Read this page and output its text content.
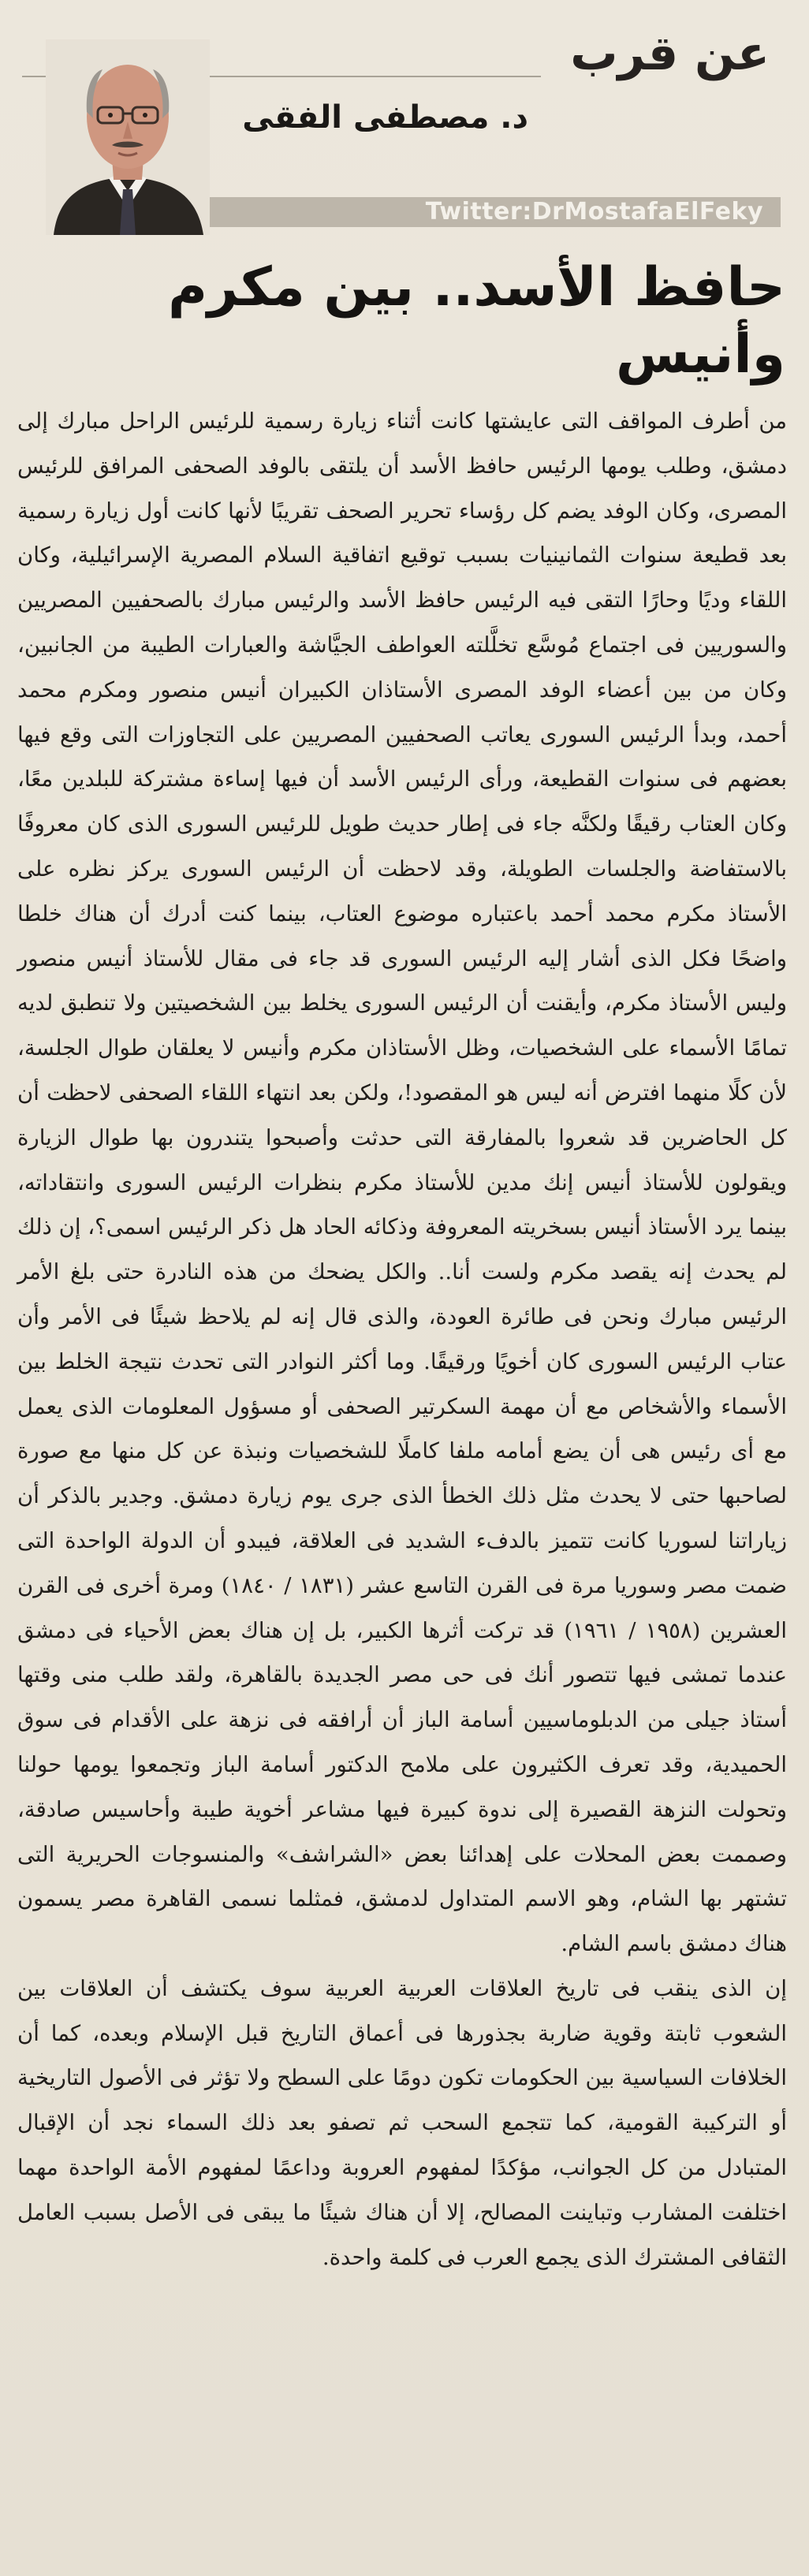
عن قرب
د. مصطفى الفقى
Twitter:DrMostafaElFeky
حافظ الأسد.. بين مكرم وأنيس

من أطرف المواقف التى عايشتها كانت أثناء زيارة رسمية للرئيس الراحل مبارك إلى دمشق، وطلب يومها الرئيس حافظ الأسد أن يلتقى بالوفد الصحفى المرافق للرئيس المصرى، وكان الوفد يضم كل رؤساء تحرير الصحف تقريبًا لأنها كانت أول زيارة رسمية بعد قطيعة سنوات الثمانينيات بسبب توقيع اتفاقية السلام المصرية الإسرائيلية، وكان اللقاء وديًا وحارًا التقى فيه الرئيس حافظ الأسد والرئيس مبارك بالصحفيين المصريين والسوريين فى اجتماع مُوسَّع تخلَّلته العواطف الجيَّاشة والعبارات الطيبة من الجانبين، وكان من بين أعضاء الوفد المصرى الأستاذان الكبيران أنيس منصور ومكرم محمد أحمد، وبدأ الرئيس السورى يعاتب الصحفيين المصريين على التجاوزات التى وقع فيها بعضهم فى سنوات القطيعة، ورأى الرئيس الأسد أن فيها إساءة مشتركة للبلدين معًا، وكان العتاب رقيقًا ولكنَّه جاء فى إطار حديث طويل للرئيس السورى الذى كان معروفًا بالاستفاضة والجلسات الطويلة، وقد لاحظت أن الرئيس السورى يركز نظره على الأستاذ مكرم محمد أحمد باعتباره موضوع العتاب، بينما كنت أدرك أن هناك خلطا واضحًا فكل الذى أشار إليه الرئيس السورى قد جاء فى مقال للأستاذ أنيس منصور وليس الأستاذ مكرم، وأيقنت أن الرئيس السورى يخلط بين الشخصيتين ولا تنطبق لديه تمامًا الأسماء على الشخصيات، وظل الأستاذان مكرم وأنيس لا يعلقان طوال الجلسة، لأن كلًا منهما افترض أنه ليس هو المقصود!، ولكن بعد انتهاء اللقاء الصحفى لاحظت أن كل الحاضرين قد شعروا بالمفارقة التى حدثت وأصبحوا يتندرون بها طوال الزيارة ويقولون للأستاذ أنيس إنك مدين للأستاذ مكرم بنظرات الرئيس السورى وانتقاداته، بينما يرد الأستاذ أنيس بسخريته المعروفة وذكائه الحاد هل ذكر الرئيس اسمى؟، إن ذلك لم يحدث إنه يقصد مكرم ولست أنا.. والكل يضحك من هذه النادرة حتى بلغ الأمر الرئيس مبارك ونحن فى طائرة العودة، والذى قال إنه لم يلاحظ شيئًا فى الأمر وأن عتاب الرئيس السورى كان أخويًا ورقيقًا. وما أكثر النوادر التى تحدث نتيجة الخلط بين الأسماء والأشخاص مع أن مهمة السكرتير الصحفى أو مسؤول المعلومات الذى يعمل مع أى رئيس هى أن يضع أمامه ملفا كاملًا للشخصيات ونبذة عن كل منها مع صورة لصاحبها حتى لا يحدث مثل ذلك الخطأ الذى جرى يوم زيارة دمشق. وجدير بالذكر أن زياراتنا لسوريا كانت تتميز بالدفء الشديد فى العلاقة، فيبدو أن الدولة الواحدة التى ضمت مصر وسوريا مرة فى القرن التاسع عشر (١٨٣١ / ١٨٤٠) ومرة أخرى فى القرن العشرين (١٩٥٨ / ١٩٦١) قد تركت أثرها الكبير، بل إن هناك بعض الأحياء فى دمشق عندما تمشى فيها تتصور أنك فى حى مصر الجديدة بالقاهرة، ولقد طلب منى وقتها أستاذ جيلى من الدبلوماسيين أسامة الباز أن أرافقه فى نزهة على الأقدام فى سوق الحميدية، وقد تعرف الكثيرون على ملامح الدكتور أسامة الباز وتجمعوا يومها حولنا وتحولت النزهة القصيرة إلى ندوة كبيرة فيها مشاعر أخوية طيبة وأحاسيس صادقة، وصممت بعض المحلات على إهدائنا بعض «الشراشف» والمنسوجات الحريرية التى تشتهر بها الشام، وهو الاسم المتداول لدمشق، فمثلما نسمى القاهرة مصر يسمون هناك دمشق باسم الشام.

إن الذى ينقب فى تاريخ العلاقات العربية العربية سوف يكتشف أن العلاقات بين الشعوب ثابتة وقوية ضاربة بجذورها فى أعماق التاريخ قبل الإسلام وبعده، كما أن الخلافات السياسية بين الحكومات تكون دومًا على السطح ولا تؤثر فى الأصول التاريخية أو التركيبة القومية، كما تتجمع السحب ثم تصفو بعد ذلك السماء نجد أن الإقبال المتبادل من كل الجوانب، مؤكدًا لمفهوم العروبة وداعمًا لمفهوم الأمة الواحدة مهما اختلفت المشارب وتباينت المصالح، إلا أن هناك شيئًا ما يبقى فى الأصل بسبب العامل الثقافى المشترك الذى يجمع العرب فى كلمة واحدة.
